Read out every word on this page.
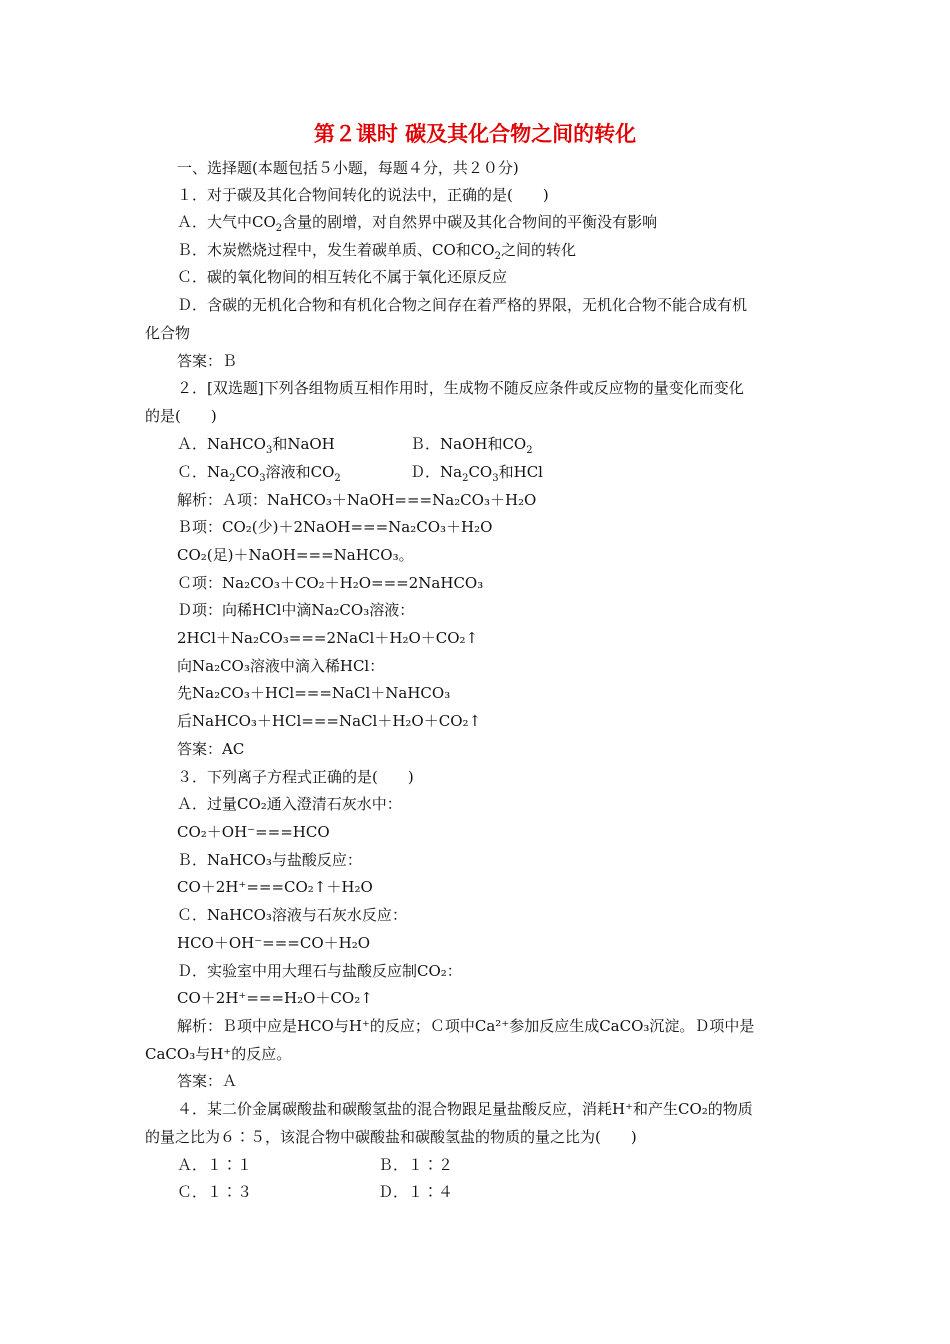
第２课时 碳及其化合物之间的转化
一、选择题(本题包括５小题，每题４分，共２０分)
１．对于碳及其化合物间转化的说法中，正确的是(　　)
Ａ．大气中$CO_2$含量的剧增，对自然界中碳及其化合物间的平衡没有影响
Ｂ．木炭燃烧过程中，发生着碳单质、CO和$CO_2$之间的转化
Ｃ．碳的氧化物间的相互转化不属于氧化还原反应
Ｄ．含碳的无机化合物和有机化合物之间存在着严格的界限，无机化合物不能合成有机
化合物
答案：Ｂ
２．[双选题]下列各组物质互相作用时，生成物不随反应条件或反应物的量变化而变化
的是(　　)
Ａ．NaHCO$_3$和NaOH	Ｂ．NaOH和$CO_2$
Ｃ．$Na_2CO_3$溶液和$CO_2$	Ｄ．$Na_2CO_3$和HCl
解析：Ａ项：NaHCO₃＋NaOH===Na₂CO₃＋H₂O
Ｂ项：CO₂(少)＋2NaOH===Na₂CO₃＋H₂O
CO₂(足)＋NaOH===NaHCO₃。
Ｃ项：Na₂CO₃＋CO₂＋H₂O===2NaHCO₃
Ｄ项：向稀HCl中滴Na₂CO₃溶液：
2HCl＋Na₂CO₃===2NaCl＋H₂O＋CO₂↑
向Na₂CO₃溶液中滴入稀HCl：
先Na₂CO₃＋HCl===NaCl＋NaHCO₃
后NaHCO₃＋HCl===NaCl＋H₂O＋CO₂↑
答案：AC
３．下列离子方程式正确的是(　　)
Ａ．过量CO₂通入澄清石灰水中：
CO₂＋OH⁻===HCO
Ｂ．NaHCO₃与盐酸反应：
CO＋2H⁺===CO₂↑＋H₂O
Ｃ．NaHCO₃溶液与石灰水反应：
HCO＋OH⁻===CO＋H₂O
Ｄ．实验室中用大理石与盐酸反应制CO₂：
CO＋2H⁺===H₂O＋CO₂↑
解析：Ｂ项中应是HCO与H⁺的反应；Ｃ项中Ca²⁺参加反应生成CaCO₃沉淀。Ｄ项中是
CaCO₃与H⁺的反应。
答案：Ａ
４．某二价金属碳酸盐和碳酸氢盐的混合物跟足量盐酸反应，消耗H⁺和产生CO₂的物质
的量之比为６∶５，该混合物中碳酸盐和碳酸氢盐的物质的量之比为(　　)
Ａ．１∶１	Ｂ．１∶２
Ｃ．１∶３	Ｄ．１∶４
